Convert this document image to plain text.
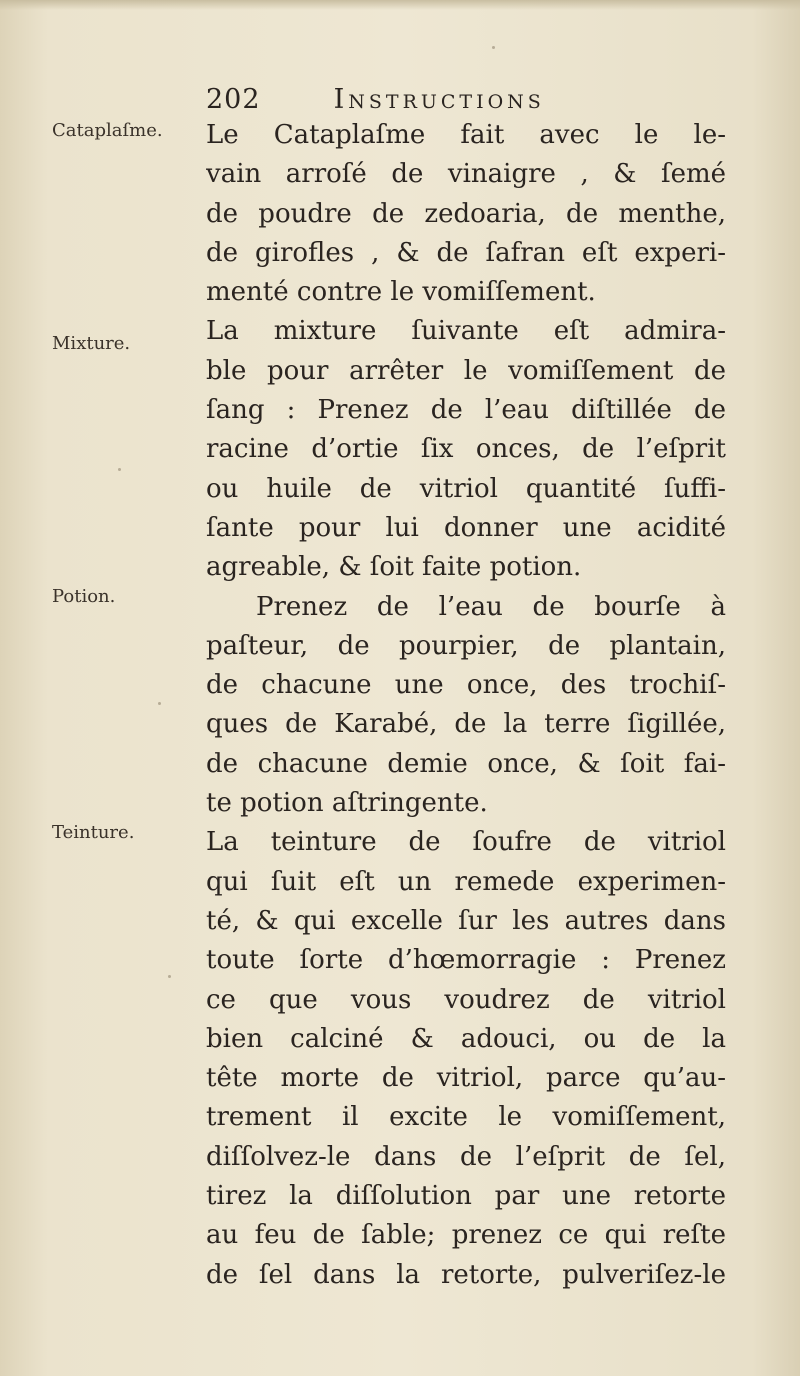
202	Instructions
Cataplaſme.
Mixture.
Potion.
Teinture.
Le Cataplaſme fait avec le le-
vain arroſé de vinaigre , & ſemé
de poudre de zedoaria, de menthe,
de girofles , & de ſafran eſt experi-
menté contre le vomiſſement.
La mixture ſuivante eſt admira-
ble pour arrêter le vomiſſement de
ſang : Prenez de l’eau diſtillée de
racine d’ortie ſix onces, de l’eſprit
ou huile de vitriol quantité ſuffi-
ſante pour lui donner une acidité
agreable, & ſoit faite potion.
Prenez de l’eau de bourſe à
paſteur, de pourpier, de plantain,
de chacune une once, des trochiſ-
ques de Karabé, de la terre ſigillée,
de chacune demie once, & ſoit fai-
te potion aſtringente.
La teinture de ſoufre de vitriol
qui ſuit eſt un remede experimen-
té, & qui excelle ſur les autres dans
toute ſorte d’hœmorragie : Prenez
ce que vous voudrez de vitriol
bien calciné & adouci, ou de la
tête morte de vitriol, parce qu’au-
trement il excite le vomiſſement,
diſſolvez-le dans de l’eſprit de ſel,
tirez la diſſolution par une retorte
au feu de ſable; prenez ce qui reſte
de ſel dans la retorte, pulveriſez-le
